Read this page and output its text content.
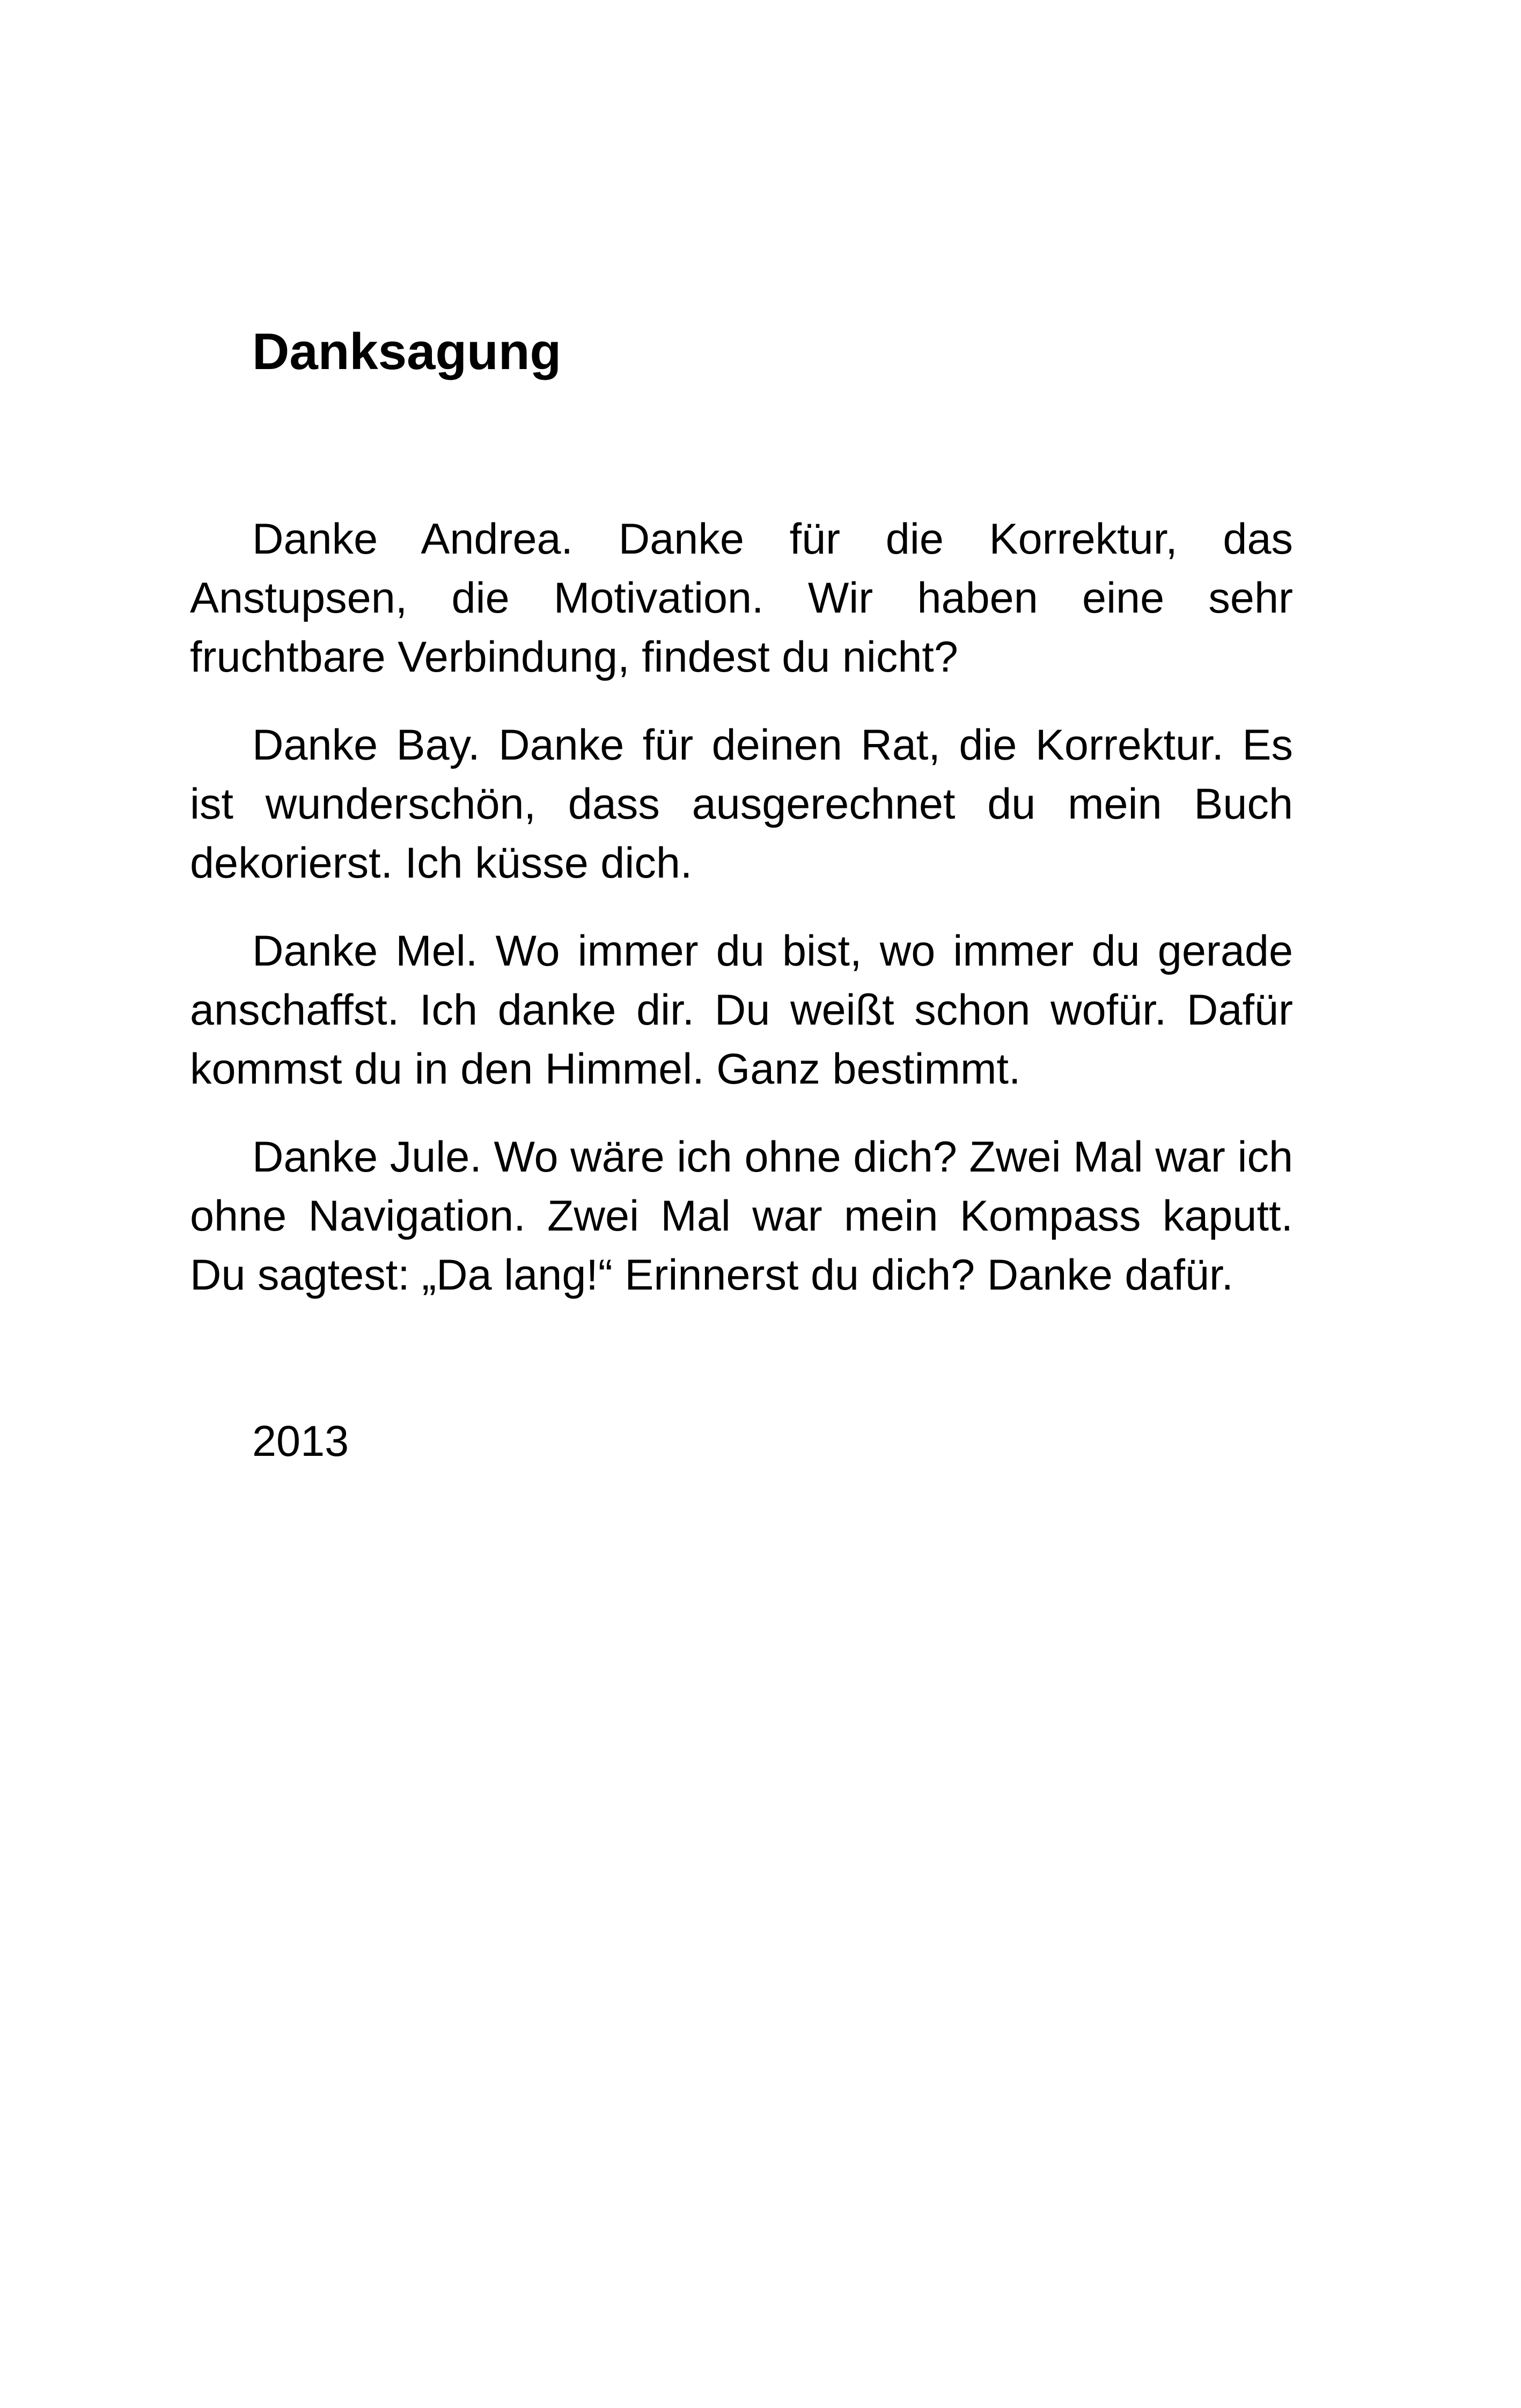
Danksagung

Danke Andrea. Danke für die Korrektur, das Anstupsen, die Motivation. Wir haben eine sehr fruchtbare Verbindung, findest du nicht?

Danke Bay. Danke für deinen Rat, die Korrektur. Es ist wunderschön, dass ausgerechnet du mein Buch dekorierst. Ich küsse dich.

Danke Mel. Wo immer du bist, wo immer du gerade anschaffst. Ich danke dir. Du weißt schon wofür. Dafür kommst du in den Himmel. Ganz bestimmt.

Danke Jule. Wo wäre ich ohne dich? Zwei Mal war ich ohne Navigation. Zwei Mal war mein Kompass kaputt. Du sagtest: „Da lang!“ Erinnerst du dich? Danke dafür.

2013
